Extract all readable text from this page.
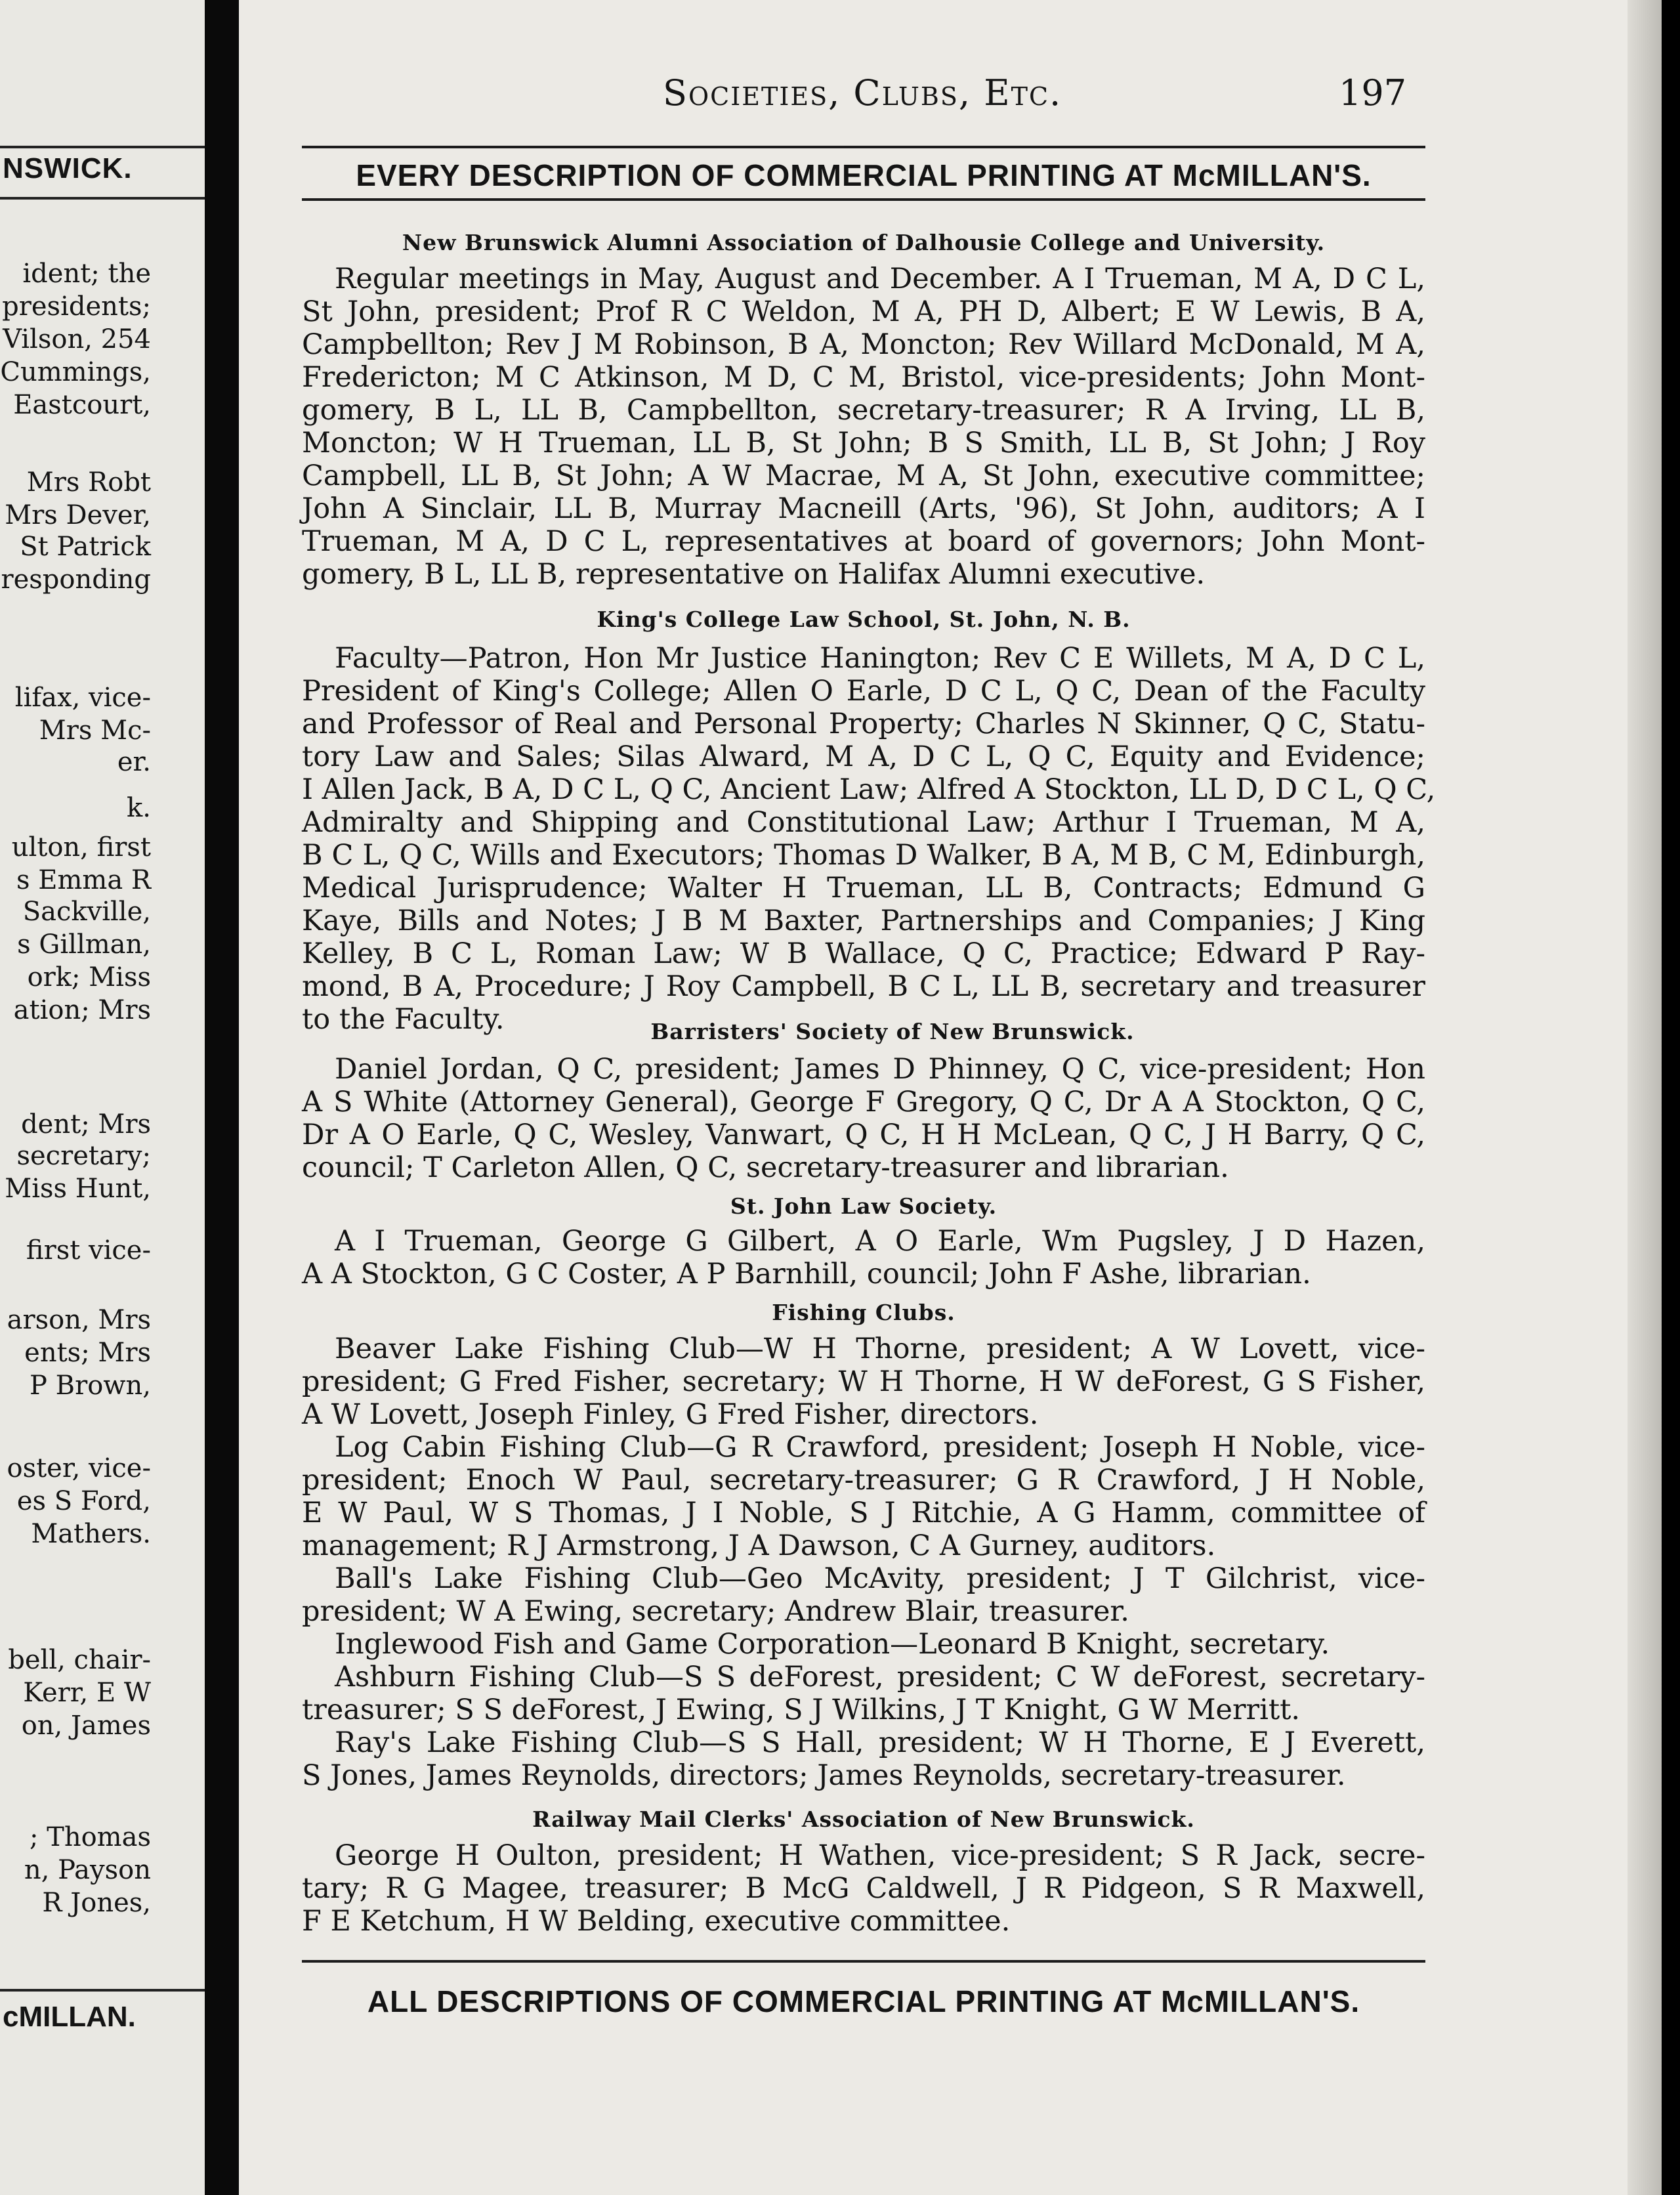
NSWICK.
ident; the
presidents;
Vilson, 254
Cummings,
Eastcourt,
Mrs Robt
Mrs Dever,
St Patrick
responding
lifax, vice-
Mrs Mc-
er.
k.
ulton, first
s Emma R
Sackville,
s Gillman,
ork; Miss
ation; Mrs
dent; Mrs
secretary;
Miss Hunt,
first vice-
arson, Mrs
ents; Mrs
P Brown,
oster, vice-
es S Ford,
Mathers.
bell, chair-
Kerr, E W
on, James
; Thomas
n, Payson
R Jones,
cMILLAN.
Societies, Clubs, Etc.	197
EVERY DESCRIPTION OF COMMERCIAL PRINTING AT McMILLAN'S.
New Brunswick Alumni Association of Dalhousie College and University.
Regular meetings in May, August and December. A I Trueman, M A, D C L,
St John, president; Prof R C Weldon, M A, PH D, Albert; E W Lewis, B A,
Campbellton; Rev J M Robinson, B A, Moncton; Rev Willard McDonald, M A,
Fredericton; M C Atkinson, M D, C M, Bristol, vice-presidents; John Mont-
gomery, B L, LL B, Campbellton, secretary-treasurer; R A Irving, LL B,
Moncton; W H Trueman, LL B, St John; B S Smith, LL B, St John; J Roy
Campbell, LL B, St John; A W Macrae, M A, St John, executive committee;
John A Sinclair, LL B, Murray Macneill (Arts, '96), St John, auditors; A I
Trueman, M A, D C L, representatives at board of governors; John Mont-
gomery, B L, LL B, representative on Halifax Alumni executive.
King's College Law School, St. John, N. B.
Faculty—Patron, Hon Mr Justice Hanington; Rev C E Willets, M A, D C L,
President of King's College; Allen O Earle, D C L, Q C, Dean of the Faculty
and Professor of Real and Personal Property; Charles N Skinner, Q C, Statu-
tory Law and Sales; Silas Alward, M A, D C L, Q C, Equity and Evidence;
I Allen Jack, B A, D C L, Q C, Ancient Law; Alfred A Stockton, LL D, D C L, Q C,
Admiralty and Shipping and Constitutional Law; Arthur I Trueman, M A,
B C L, Q C, Wills and Executors; Thomas D Walker, B A, M B, C M, Edinburgh,
Medical Jurisprudence; Walter H Trueman, LL B, Contracts; Edmund G
Kaye, Bills and Notes; J B M Baxter, Partnerships and Companies; J King
Kelley, B C L, Roman Law; W B Wallace, Q C, Practice; Edward P Ray-
mond, B A, Procedure; J Roy Campbell, B C L, LL B, secretary and treasurer
to the Faculty.	Barristers' Society of New Brunswick.
Daniel Jordan, Q C, president; James D Phinney, Q C, vice-president; Hon
A S White (Attorney General), George F Gregory, Q C, Dr A A Stockton, Q C,
Dr A O Earle, Q C, Wesley, Vanwart, Q C, H H McLean, Q C, J H Barry, Q C,
council; T Carleton Allen, Q C, secretary-treasurer and librarian.
St. John Law Society.
A I Trueman, George G Gilbert, A O Earle, Wm Pugsley, J D Hazen,
A A Stockton, G C Coster, A P Barnhill, council; John F Ashe, librarian.
Fishing Clubs.
Beaver Lake Fishing Club—W H Thorne, president; A W Lovett, vice-
president; G Fred Fisher, secretary; W H Thorne, H W deForest, G S Fisher,
A W Lovett, Joseph Finley, G Fred Fisher, directors.
Log Cabin Fishing Club—G R Crawford, president; Joseph H Noble, vice-
president; Enoch W Paul, secretary-treasurer; G R Crawford, J H Noble,
E W Paul, W S Thomas, J I Noble, S J Ritchie, A G Hamm, committee of
management; R J Armstrong, J A Dawson, C A Gurney, auditors.
Ball's Lake Fishing Club—Geo McAvity, president; J T Gilchrist, vice-
president; W A Ewing, secretary; Andrew Blair, treasurer.
Inglewood Fish and Game Corporation—Leonard B Knight, secretary.
Ashburn Fishing Club—S S deForest, president; C W deForest, secretary-
treasurer; S S deForest, J Ewing, S J Wilkins, J T Knight, G W Merritt.
Ray's Lake Fishing Club—S S Hall, president; W H Thorne, E J Everett,
S Jones, James Reynolds, directors; James Reynolds, secretary-treasurer.
Railway Mail Clerks' Association of New Brunswick.
George H Oulton, president; H Wathen, vice-president; S R Jack, secre-
tary; R G Magee, treasurer; B McG Caldwell, J R Pidgeon, S R Maxwell,
F E Ketchum, H W Belding, executive committee.
ALL DESCRIPTIONS OF COMMERCIAL PRINTING AT McMILLAN'S.
